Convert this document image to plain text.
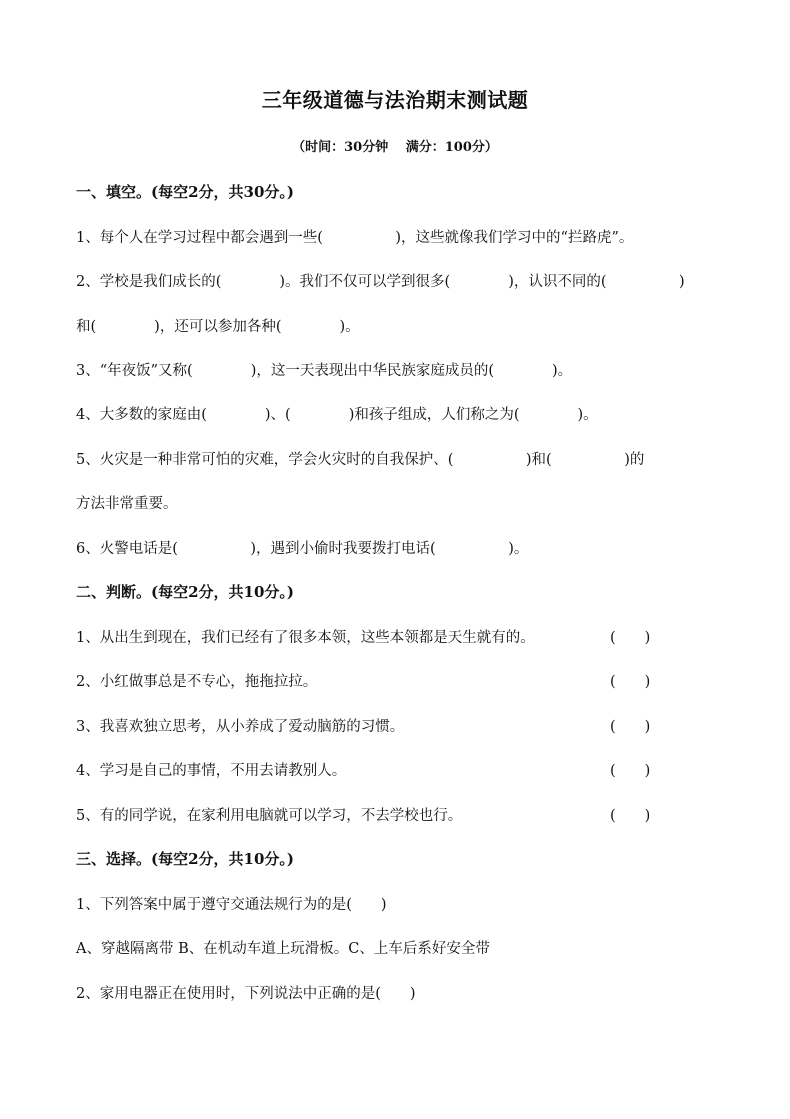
三年级道德与法治期末测试题
（时间：30分钟　 满分：100分）
一、填空。(每空2分，共30分。)
1、每个人在学习过程中都会遇到一些(　　　　　)，这些就像我们学习中的“拦路虎”。
2、学校是我们成长的(　　　　)。我们不仅可以学到很多(　　　　)，认识不同的(　　　　　)
和(　　　　)，还可以参加各种(　　　　)。
3、“年夜饭”又称(　　　　)，这一天表现出中华民族家庭成员的(　　　　)。
4、大多数的家庭由(　　　　)、(　　　　)和孩子组成，人们称之为(　　　　)。
5、火灾是一种非常可怕的灾难，学会火灾时的自我保护、(　　　　　)和(　　　　　)的
方法非常重要。
6、火警电话是(　　　　　)，遇到小偷时我要拨打电话(　　　　　)。
二、判断。(每空2分，共10分。)
1、从出生到现在，我们已经有了很多本领，这些本领都是天生就有的。	(　　)
2、小红做事总是不专心，拖拖拉拉。	(　　)
3、我喜欢独立思考，从小养成了爱动脑筋的习惯。	(　　)
4、学习是自己的事情，不用去请教别人。	(　　)
5、有的同学说，在家利用电脑就可以学习，不去学校也行。	(　　)
三、选择。(每空2分，共10分。)
1、下列答案中属于遵守交通法规行为的是(　　)
A、穿越隔离带 B、在机动车道上玩滑板。C、上车后系好安全带
2、家用电器正在使用时，下列说法中正确的是(　　)
